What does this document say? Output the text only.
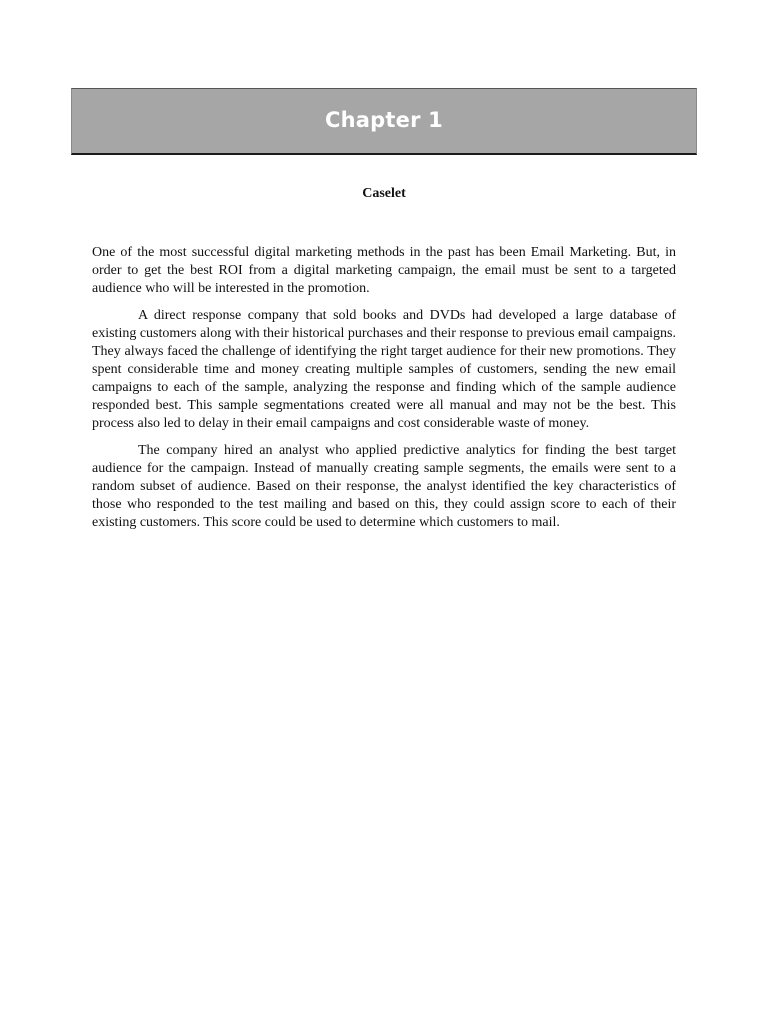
Chapter 1
Caselet

One of the most successful digital marketing methods in the past has been Email Marketing. But, in order to get the best ROI from a digital marketing campaign, the email must be sent to a targeted audience who will be interested in the promotion.

A direct response company that sold books and DVDs had developed a large database of existing customers along with their historical purchases and their response to previous email campaigns. They always faced the challenge of identifying the right target audience for their new promotions. They spent considerable time and money creating multiple samples of customers, sending the new email campaigns to each of the sample, analyzing the response and finding which of the sample audience responded best. This sample segmentations created were all manual and may not be the best. This process also led to delay in their email campaigns and cost considerable waste of money.

The company hired an analyst who applied predictive analytics for finding the best target audience for the campaign. Instead of manually creating sample segments, the emails were sent to a random subset of audience. Based on their response, the analyst identified the key characteristics of those who responded to the test mailing and based on this, they could assign score to each of their existing customers. This score could be used to determine which customers to mail.
